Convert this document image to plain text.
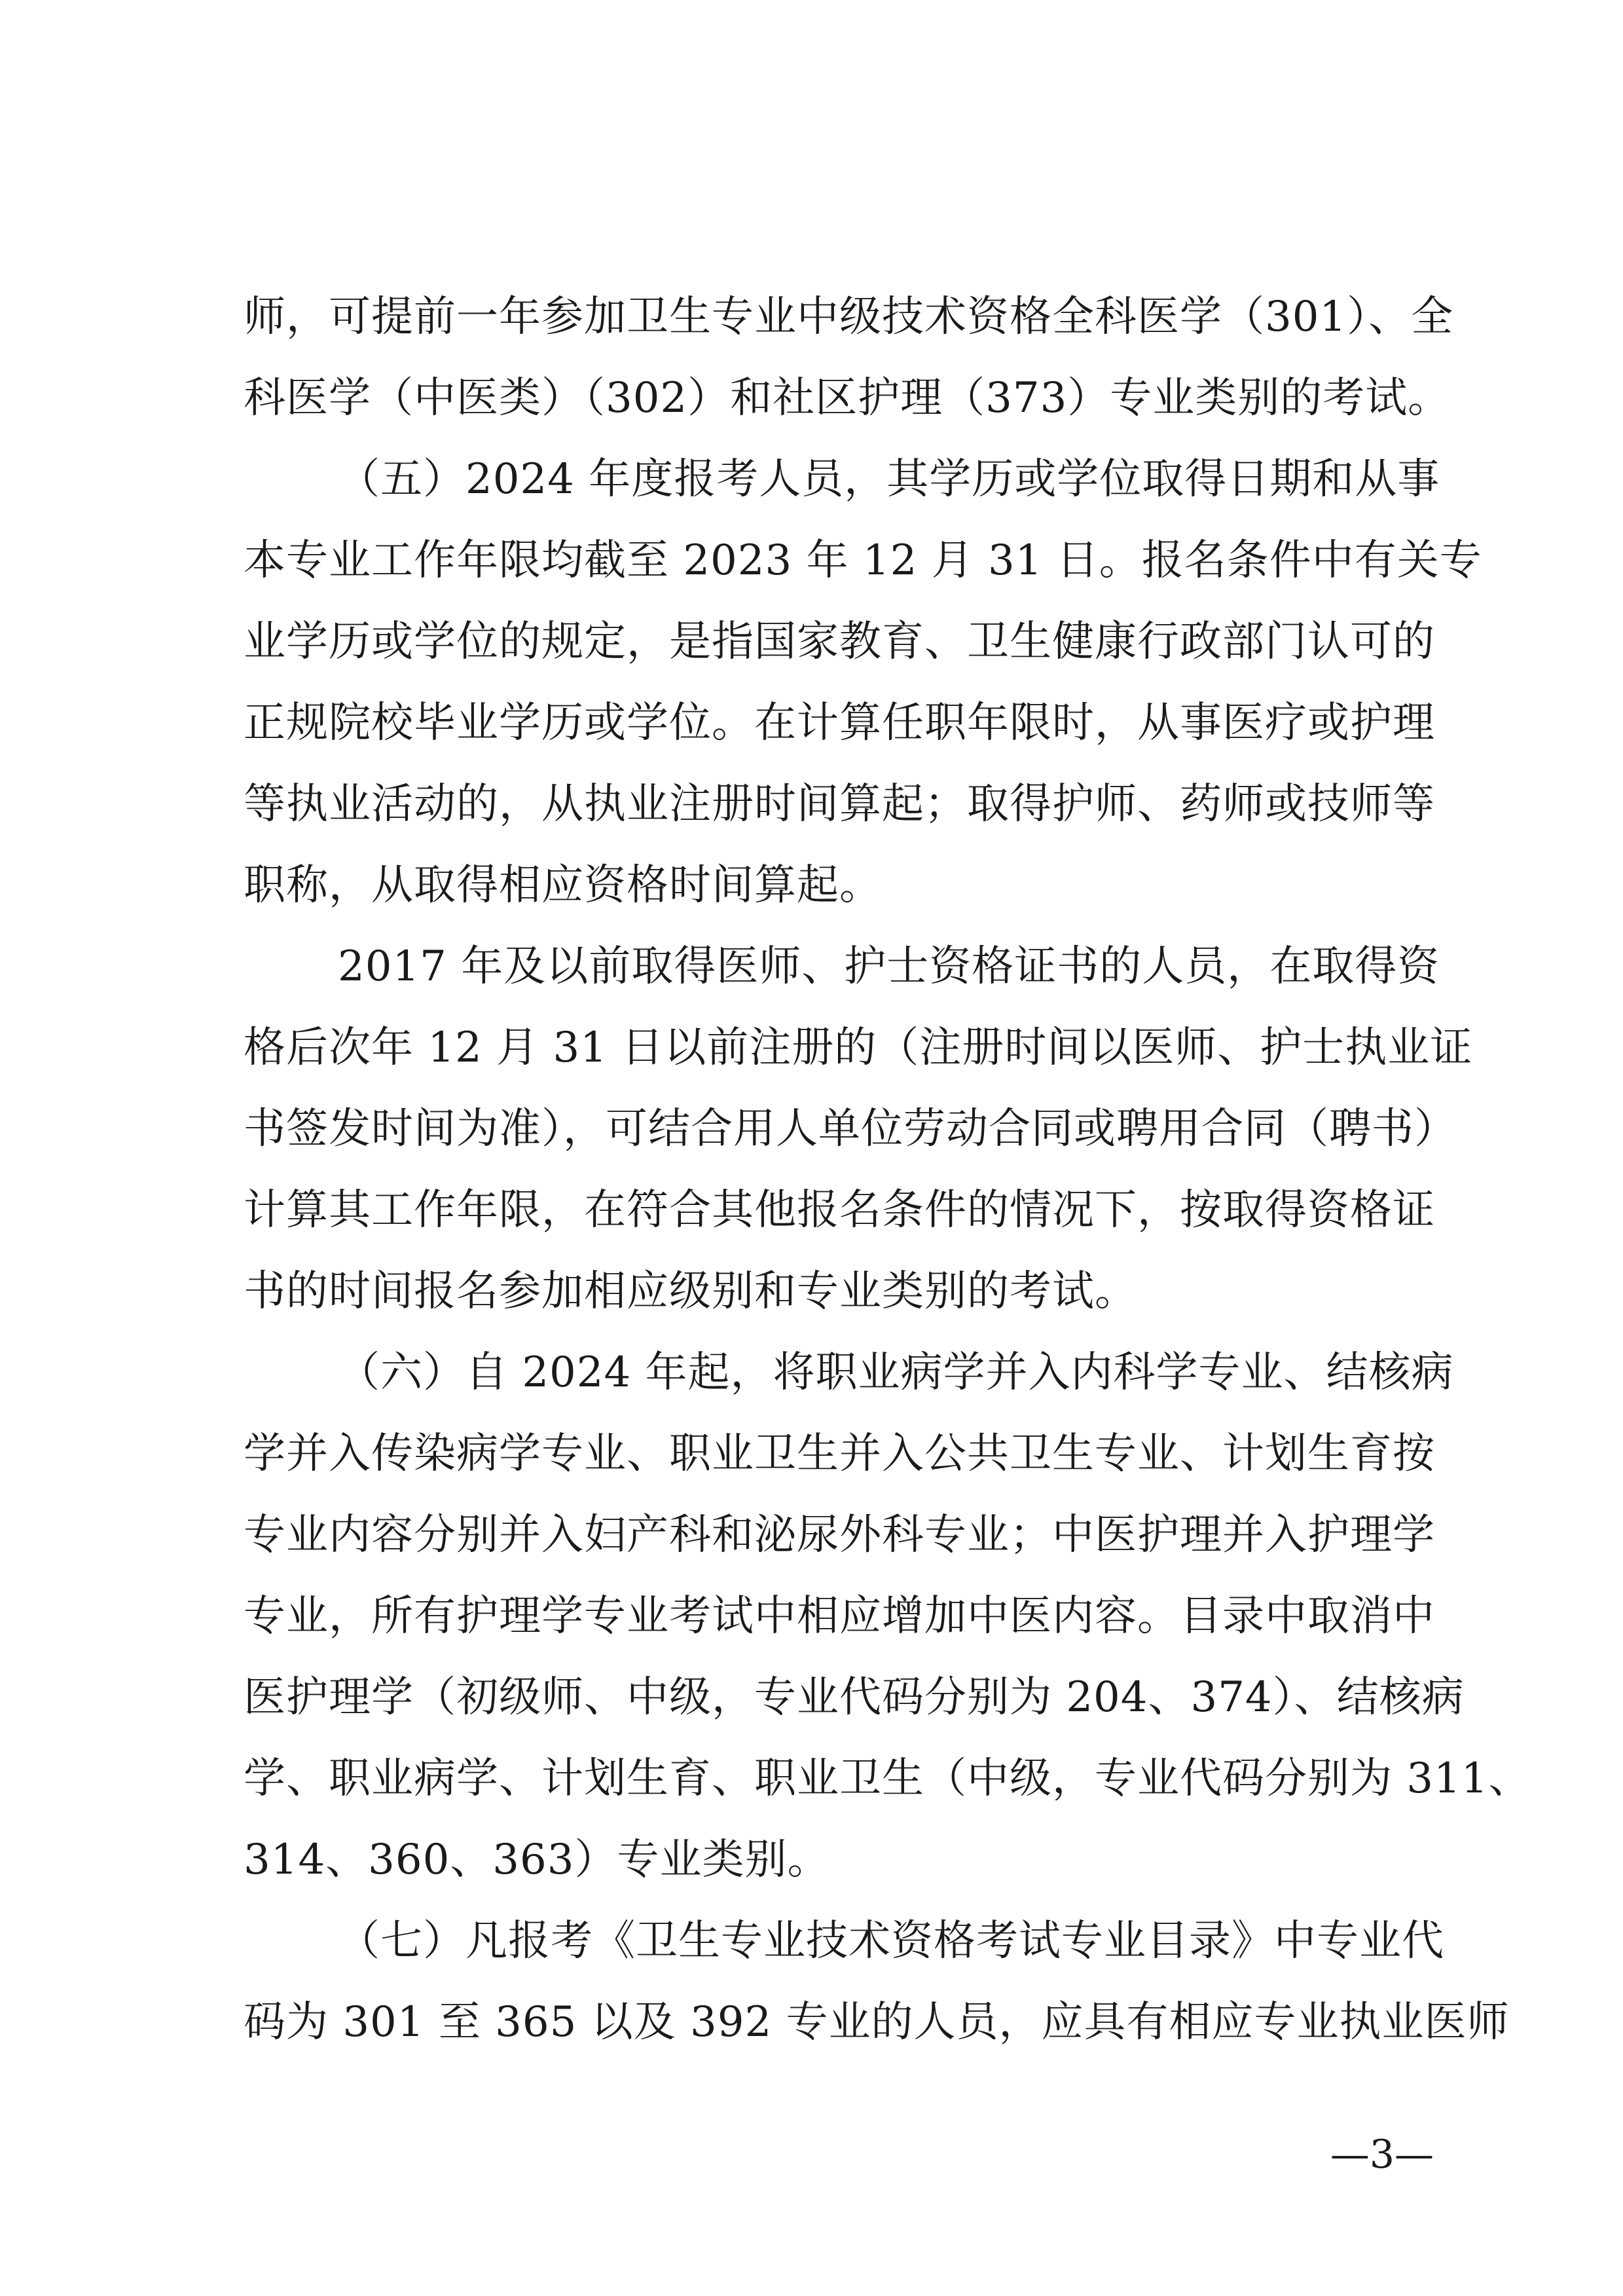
师，可提前一年参加卫生专业中级技术资格全科医学（301）、全
科医学（中医类）（302）和社区护理（373）专业类别的考试。
（五）2024 年度报考人员，其学历或学位取得日期和从事
本专业工作年限均截至 2023 年 12 月 31 日。报名条件中有关专
业学历或学位的规定，是指国家教育、卫生健康行政部门认可的
正规院校毕业学历或学位。在计算任职年限时，从事医疗或护理
等执业活动的，从执业注册时间算起；取得护师、药师或技师等
职称，从取得相应资格时间算起。
2017 年及以前取得医师、护士资格证书的人员，在取得资
格后次年 12 月 31 日以前注册的（注册时间以医师、护士执业证
书签发时间为准），可结合用人单位劳动合同或聘用合同（聘书）
计算其工作年限，在符合其他报名条件的情况下，按取得资格证
书的时间报名参加相应级别和专业类别的考试。
（六）自 2024 年起，将职业病学并入内科学专业、结核病
学并入传染病学专业、职业卫生并入公共卫生专业、计划生育按
专业内容分别并入妇产科和泌尿外科专业；中医护理并入护理学
专业，所有护理学专业考试中相应增加中医内容。目录中取消中
医护理学（初级师、中级，专业代码分别为 204、374）、结核病
学、职业病学、计划生育、职业卫生（中级，专业代码分别为 311、
314、360、363）专业类别。
（七）凡报考《卫生专业技术资格考试专业目录》中专业代
码为 301 至 365 以及 392 专业的人员，应具有相应专业执业医师
—3—
